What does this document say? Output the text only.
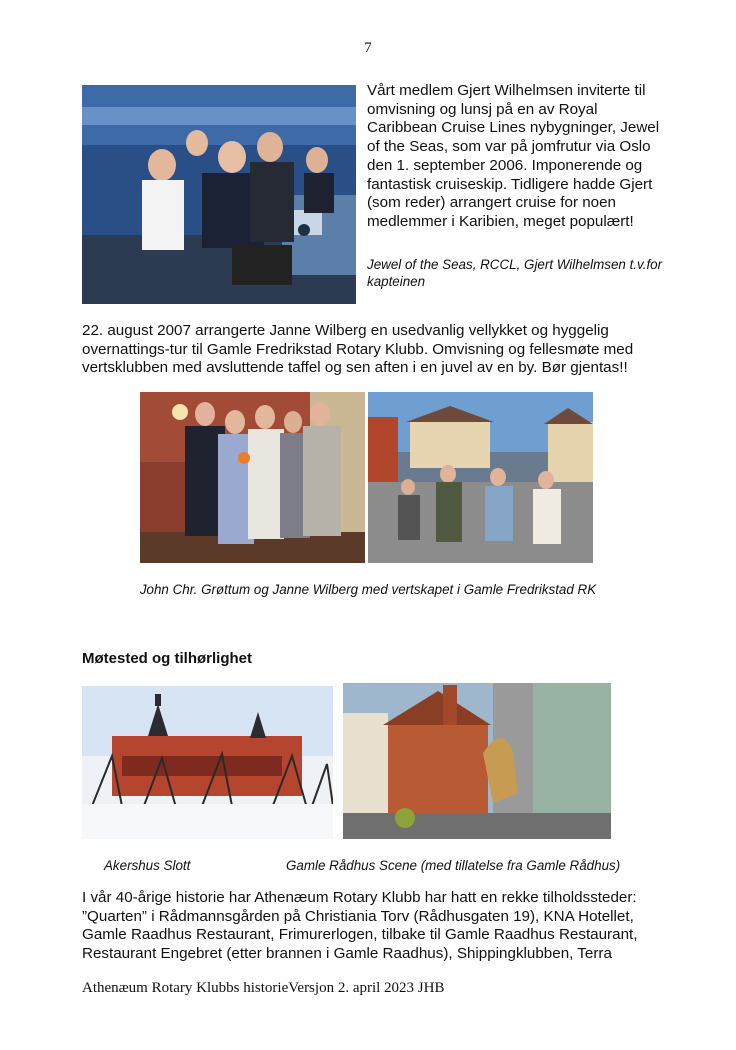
7
Vårt medlem Gjert Wilhelmsen inviterte til omvisning og lunsj på en av Royal Caribbean Cruise Lines nybygninger, Jewel of the Seas, som var på jomfrutur via Oslo den 1. september 2006. Imponerende og fantastisk cruiseskip. Tidligere hadde Gjert (som reder) arrangert cruise for noen medlemmer i Karibien, meget populært!
Jewel of the Seas, RCCL, Gjert Wilhelmsen t.v.for kapteinen
22. august 2007 arrangerte Janne Wilberg en usedvanlig vellykket og hyggelig overnattings-tur til Gamle Fredrikstad Rotary Klubb. Omvisning og fellesmøte med vertsklubben med avsluttende taffel og sen aften i en juvel av en by. Bør gjentas!!
John Chr. Grøttum og Janne Wilberg med vertskapet i Gamle Fredrikstad RK
Møtested og tilhørlighet
Akershus Slott	Gamle Rådhus Scene (med tillatelse fra Gamle Rådhus)
I vår 40-årige historie har Athenæum Rotary Klubb har hatt en rekke tilholdssteder: ”Quarten” i Rådmannsgården på Christiania Torv (Rådhusgaten 19), KNA Hotellet, Gamle Raadhus Restaurant, Frimurerlogen, tilbake til Gamle Raadhus Restaurant, Restaurant Engebret (etter brannen i Gamle Raadhus), Shippingklubben, Terra
Athenæum Rotary Klubbs historieVersjon 2. april 2023 JHB
